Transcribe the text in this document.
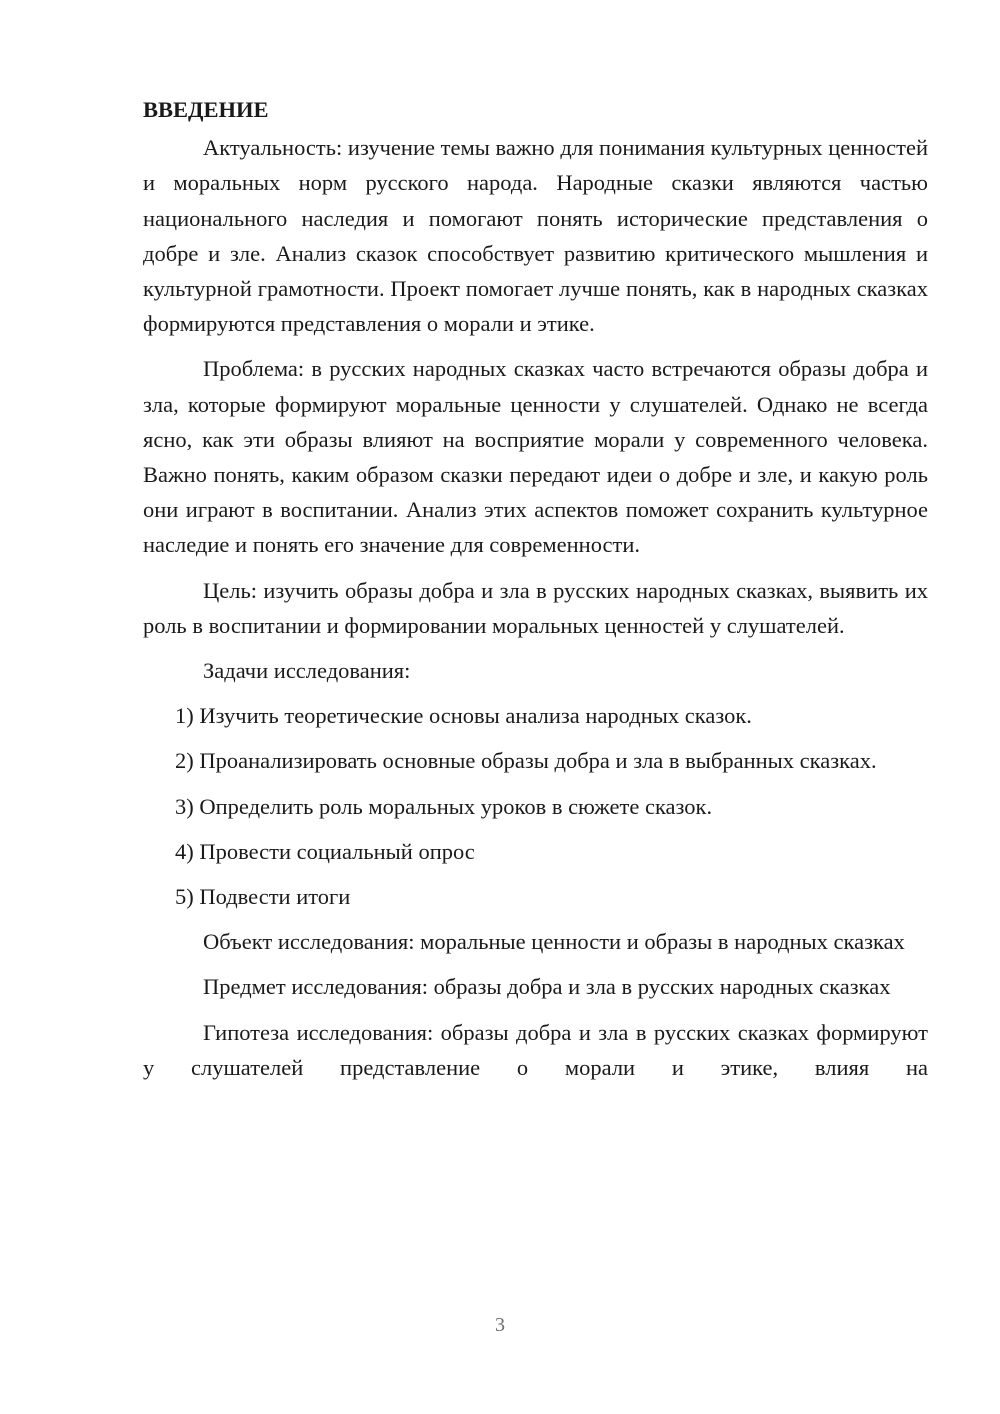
ВВЕДЕНИЕ

Актуальность: изучение темы важно для понимания культурных ценностей и моральных норм русского народа. Народные сказки являются частью национального наследия и помогают понять исторические представления о добре и зле. Анализ сказок способствует развитию критического мышления и культурной грамотности. Проект помогает лучше понять, как в народных сказках формируются представления о морали и этике.

Проблема: в русских народных сказках часто встречаются образы добра и зла, которые формируют моральные ценности у слушателей. Однако не всегда ясно, как эти образы влияют на восприятие морали у современного человека. Важно понять, каким образом сказки передают идеи о добре и зле, и какую роль они играют в воспитании. Анализ этих аспектов поможет сохранить культурное наследие и понять его значение для современности.

Цель: изучить образы добра и зла в русских народных сказках, выявить их роль в воспитании и формировании моральных ценностей у слушателей.

Задачи исследования:

1) Изучить теоретические основы анализа народных сказок.

2) Проанализировать основные образы добра и зла в выбранных сказках.

3) Определить роль моральных уроков в сюжете сказок.

4) Провести социальный опрос

5) Подвести итоги

Объект исследования: моральные ценности и образы в народных сказках

Предмет исследования: образы добра и зла в русских народных сказках

Гипотеза исследования: образы добра и зла в русских сказках формируют у слушателей представление о морали и этике, влияя на

3
